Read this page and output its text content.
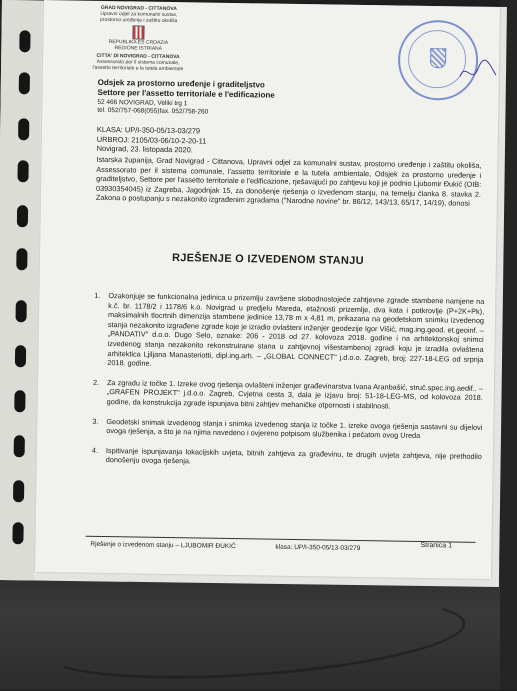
GRAD NOVIGRAD - CITTANOVA
Upravni odjel za komunalni sustav,
prostorno uređenje i zaštitu okoliša
REPUBLIKA ES CROAZIA
REGIONE ISTRIANA
CITTA' DI NOVIGRAD - CITTANOVA
Assessorato per il sistema comunale,
l'assetto territoriale e la tutela ambientale
Odsjek za prostorno uređenje i graditeljstvo
Settore per l'assetto territoriale e l'edificazione
52 466 NOVIGRAD, Veliki trg 1
tel. 052/757-068(055)fax. 052/758-260
KLASA: UP/I-350-05/13-03/279
URBROJ: 2105/03-06/10-2-20-11
Novigrad, 23. listopada 2020.
Istarska županija, Grad Novigrad - Cittanova, Upravni odjel za komunalni sustav, prostorno uređenje i zaštitu okoliša, Assessorato per il sistema comunale, l'assetto territoriale e la tutela ambientale, Odsjek za prostorno uređenje i graditeljstvo, Settore per l'assetto territoriale e l'edificazione, rješavajući po zahtjevu koji je podnio Ljubomir Đukić (OIB: 03930354045) iz Zagreba, Jagodnjak 15, za donošenje rješenja o izvedenom stanju, na temelju članka 8. stavka 2. Zakona o postupanju s nezakonito izgrađenim zgradama ("Narodne novine" br. 86/12, 143/13, 65/17, 14/19), donosi
RJEŠENJE O IZVEDENOM STANJU
1.	Ozakonjuje se funkcionalna jedinica u prizemlju završene slobodnostojeće zahtjevne zgrade stambene namjene na k.č. br. 1178/2 i 1178/6 k.o. Novigrad u predjelu Mareda, etažnosti prizemlje, dva kata i potkrovlje (P+2K+Pk), maksimalnih tlocrtnih dimenzija stambene jedinice 13,78 m x 4,81 m, prikazana na geodetskom snimku izvedenog stanja nezakonito izgrađene zgrade koje je izradio ovlašteni inženjer geodezije Igor Višić, mag.ing.geod. et.geoinf. – „PANDATIV" d.o.o. Dugo Selo, oznake: 206 - 2018 od 27. kolovoza 2018. godine i na arhitektonskoj snimci izvedenog stanja nezakonito rekonstruirane stana u zahtjevnoj višestambenoj zgradi koju je izradila ovlaštena arhitektica Ljiljana Manasteriotti, dipl.ing.arh. – „GLOBAL CONNECT" j.d.o.o. Zagreb, broj: 227-18-LEG od srpnja 2018. godine.
2.	Za zgradu iz točke 1. Izreke ovog rješenja ovlašteni inženjer građevinarstva Ivana Aranbašić, struč.spec.ing.aedif.. – „GRAFEN PROJEKT" j.d.o.o. Zagreb, Cvjetna cesta 3, dala je izjavu broj: 51-18-LEG-MS, od kolovoza 2018. godine, da konstrukcija zgrade ispunjava bitni zahtjev mehaničke otpornosti i stabilnosti.
3.	Geodetski snimak izvedenog stanja i snimka izvedenog stanja iz točke 1. izreke ovoga rješenja sastavni su dijelovi ovoga rješenja, a što je na njima navedeno i ovjereno potpisom službenika i pečatom ovog Ureda
4.	Ispitivanje ispunjavanja lokacijskih uvjeta, bitnih zahtjeva za građevinu, te drugih uvjeta zahtjeva, nije prethodilo donošenju ovoga rješenja.
Rješenje o izvedenom stanju – LJUBOMIR ĐUKIĆ	klasa: UP/I-350-05/13-03/279	Stranica 1
